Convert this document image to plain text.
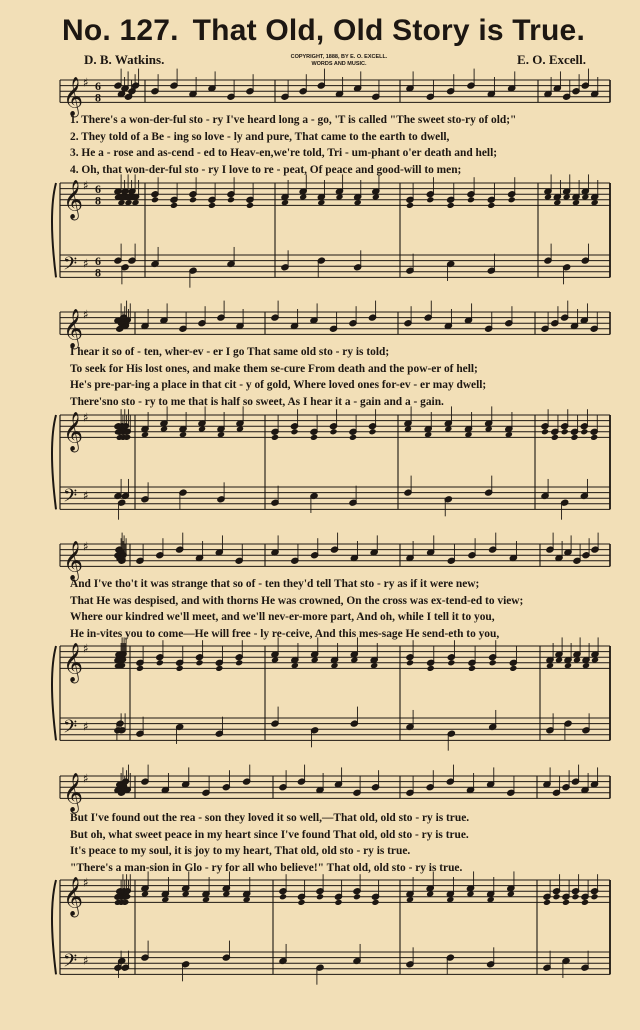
No. 127. That Old, Old Story is True.
D. B. Watkins.	COPYRIGHT, 1888, BY E. O. EXCELL.
WORDS AND MUSIC.	E. O. Excell.
𝄞 ♯ 6
8
𝄞 ♯
𝄢 ♯
6
8
6
8
𝄞 ♯
𝄞 ♯
𝄢 ♯
𝄞 ♯
𝄞 ♯
𝄢 ♯
𝄞 ♯
𝄞 ♯
𝄢 ♯
1. There's a won-der-ful sto - ry I've heard long a - go, 'T is called "The sweet sto-ry of old;"
2. They told of a Be - ing so love - ly and pure, That came to the earth to dwell,
3. He a - rose and as-cend - ed to Heav-en,we're told, Tri - um-phant o'er death and hell;
4. Oh, that won-der-ful sto - ry I love to re - peat, Of peace and good-will to men;
I hear it so of - ten, wher-ev - er I go That same old sto - ry is told;
To seek for His lost ones, and make them se-cure From death and the pow-er of hell;
He's pre-par-ing a place in that cit - y of gold, Where loved ones for-ev - er may dwell;
There'sno sto - ry to me that is half so sweet, As I hear it a - gain and a - gain.
And I've tho't it was strange that so of - ten they'd tell That sto - ry as if it were new;
That He was despised, and with thorns He was crowned, On the cross was ex-tend-ed to view;
Where our kindred we'll meet, and we'll nev-er-more part, And oh, while I tell it to you,
He in-vites you to come—He will free - ly re-ceive, And this mes-sage He send-eth to you,
But I've found out the rea - son they loved it so well,—That old, old sto - ry is true.
But oh, what sweet peace in my heart since I've found That old, old sto - ry is true.
It's peace to my soul, it is joy to my heart, That old, old sto - ry is true.
"There's a man-sion in Glo - ry for all who believe!" That old, old sto - ry is true.
